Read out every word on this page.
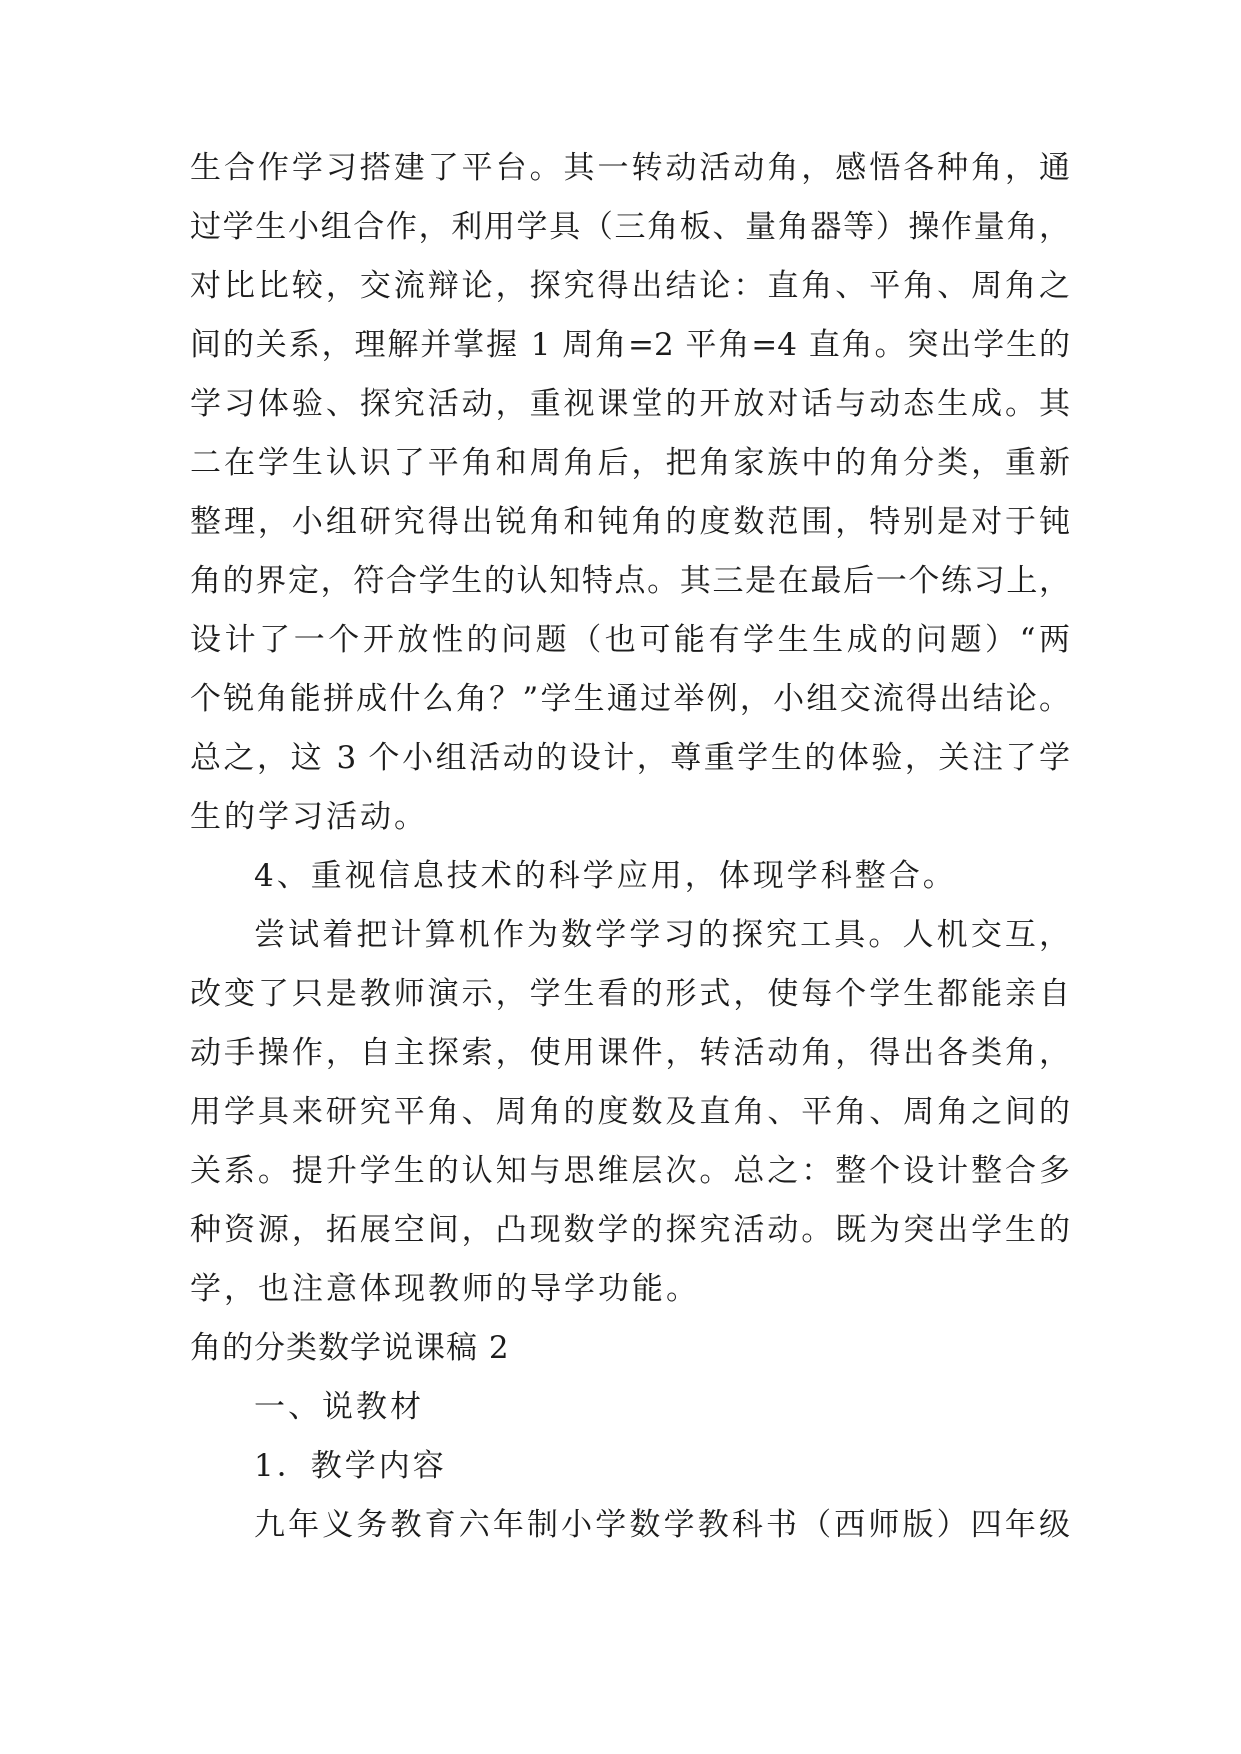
生合作学习搭建了平台。其一转动活动角，感悟各种角，通
过学生小组合作，利用学具（三角板、量角器等）操作量角，
对比比较，交流辩论，探究得出结论：直角、平角、周角之
间的关系，理解并掌握 1 周角=2 平角=4 直角。突出学生的
学习体验、探究活动，重视课堂的开放对话与动态生成。其
二在学生认识了平角和周角后，把角家族中的角分类，重新
整理，小组研究得出锐角和钝角的度数范围，特别是对于钝
角的界定，符合学生的认知特点。其三是在最后一个练习上，
设计了一个开放性的问题（也可能有学生生成的问题）“两
个锐角能拼成什么角？”学生通过举例，小组交流得出结论。
总之，这 3 个小组活动的设计，尊重学生的体验，关注了学
生的学习活动。
4、重视信息技术的科学应用，体现学科整合。
尝试着把计算机作为数学学习的探究工具。人机交互，
改变了只是教师演示，学生看的形式，使每个学生都能亲自
动手操作，自主探索，使用课件，转活动角，得出各类角，
用学具来研究平角、周角的度数及直角、平角、周角之间的
关系。提升学生的认知与思维层次。总之：整个设计整合多
种资源，拓展空间，凸现数学的探究活动。既为突出学生的
学，也注意体现教师的导学功能。
角的分类数学说课稿 2
一、说教材
1．教学内容
九年义务教育六年制小学数学教科书（西师版）四年级
